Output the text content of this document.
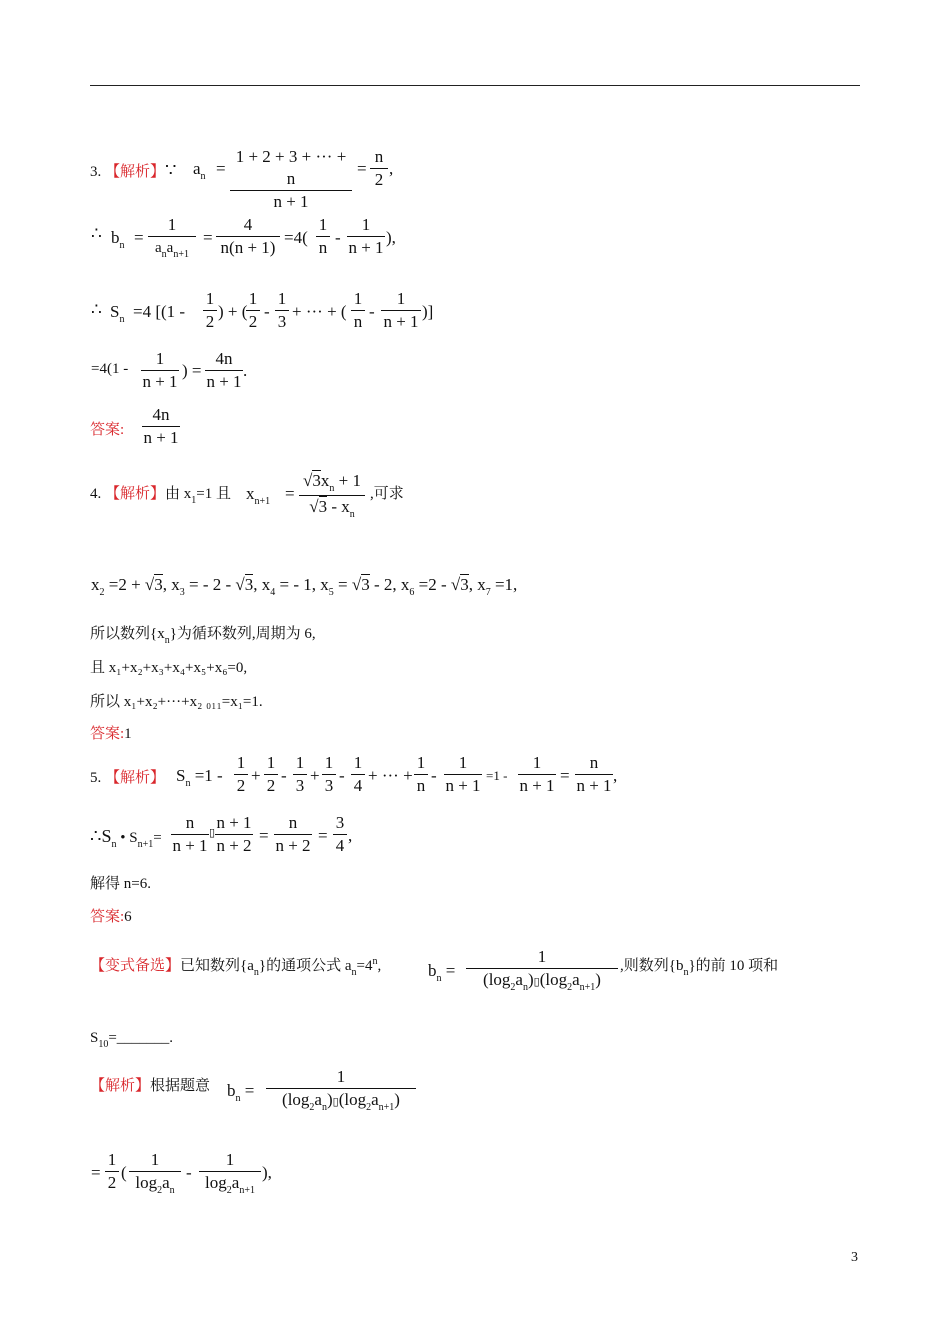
3. 【解析】∵ $a_n$ =
1 + 2 + 3 + ··· + n
n + 1
=
n
2
,
∴ $b_n$ =
1
$a_na_{n+1}$
=
4
n(n + 1)
=4(
1
n
-
1
n + 1
),
∴ $S_n =4$ [(1 -
1
2
) + (
1
2
-
1
3
+ ··· + (
1
n
-
1
n + 1
)]
=4(1 -
1
n + 1
) =
4n
n + 1
.
答案:
4n
n + 1
4. 【解析】由 $x_1=1$ 且 $x_{n+1}$ =
$√3x_n + 1$
$√3 - x_n$
,可求
$x_2 =2 + √3$, $x_3$ = - 2 - √3, $x_4$ = - 1, $x_5 = √3 - 2$, $x_6 =2 - √3$, $x_7 =1$,
所以数列$\{x_n\}$为循环数列,周期为 6,
且 x₁+x₂+x₃+x₄+x₅+x₆=0,
所以 x₁+x₂+···+x₂ ₀₁₁=x₁=1.
答案:1
5. 【解析】 $S_n =1$ -
1
2
+
1
2
-
1
3
+
1
3
-
1
4
+ ··· +
1
n
-
1
n + 1
=1 -
1
n + 1
=
n
n + 1
,
$\therefore S_n$ • $S_{n+1}=$
n
n + 1
▯
n + 1
n + 2
=
n
n + 2
=
3
4
,
解得 n=6.
答案:6
【变式备选】已知数列$\{a_n\}$的通项公式 $a_n=4^n$,	$b_n$ =
1
$(\log_2a_n)▯(\log_2a_{n+1})$
,则数列$\{b_n\}$的前 10 项和
$S_{10}=\_\_\_\_\_\_\_$.
【解析】根据题意 $b_n$ =
1
$(\log_2a_n)▯(\log_2a_{n+1})$
=
1
2
(
1
$\log_2a_n$
-
1
$\log_2a_{n+1}$
),
3
